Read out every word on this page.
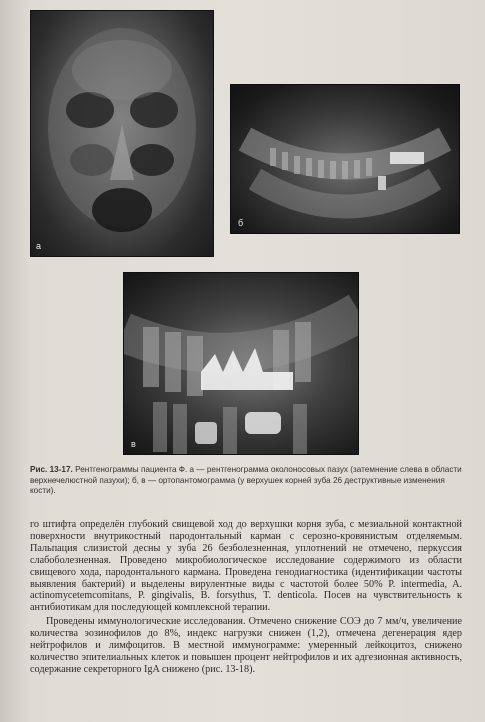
а
б
в
Рис. 13-17. Рентгенограммы пациента Ф. а — рентгенограмма околоносовых пазух (затемнение слева в области верхнечелюстной пазухи); б, в — ортопантомограмма (у верхушек корней зуба 26 деструктивные изменения кости).

го штифта определён глубокий свищевой ход до верхушки корня зуба, с мезиальной контактной поверхности внутрикостный пародонтальный карман с серозно-кровянистым отделяемым. Пальпация слизистой десны у зуба 26 безболезненная, уплотнений не отмечено, перкуссия слабоболезненная. Проведено микробиологическое исследование содержимого из области свищевого хода, пародонтального кармана. Проведена генодиагностика (идентификации частоты выявления бактерий) и выделены вирулентные виды с частотой более 50% P. intermedia, A. actinomycetemcomitans, P. gingivalis, B. forsythus, T. denticola. Посев на чувствительность к антибиотикам для последующей комплексной терапии.

Проведены иммунологические исследования. Отмечено снижение СОЭ до 7 мм/ч, увеличение количества эозинофилов до 8%, индекс нагрузки снижен (1,2), отмечена дегенерация ядер нейтрофилов и лимфоцитов. В местной иммунограмме: умеренный лейкоцитоз, снижено количество эпителиальных клеток и повышен процент нейтрофилов и их адгезионная активность, содержание секреторного IgA снижено (рис. 13-18).
